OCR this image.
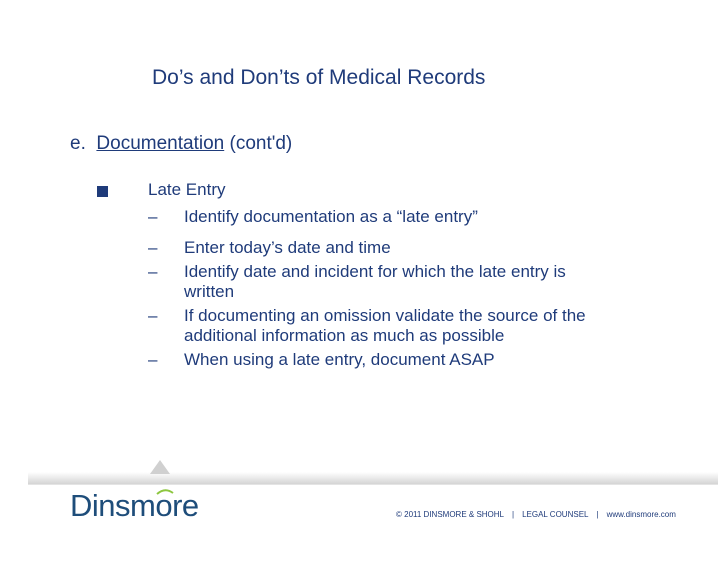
Do’s and Don’ts of Medical Records
e. Documentation (cont'd)
Late Entry
–	Identify documentation as a “late entry”
–	Enter today’s date and time
–	Identify date and incident for which the late entry is
written
–	If documenting an omission validate the source of the
additional information as much as possible
–	When using a late entry, document ASAP
Dinsmore	© 2011 DINSMORE & SHOHL | LEGAL COUNSEL | www.dinsmore.com
